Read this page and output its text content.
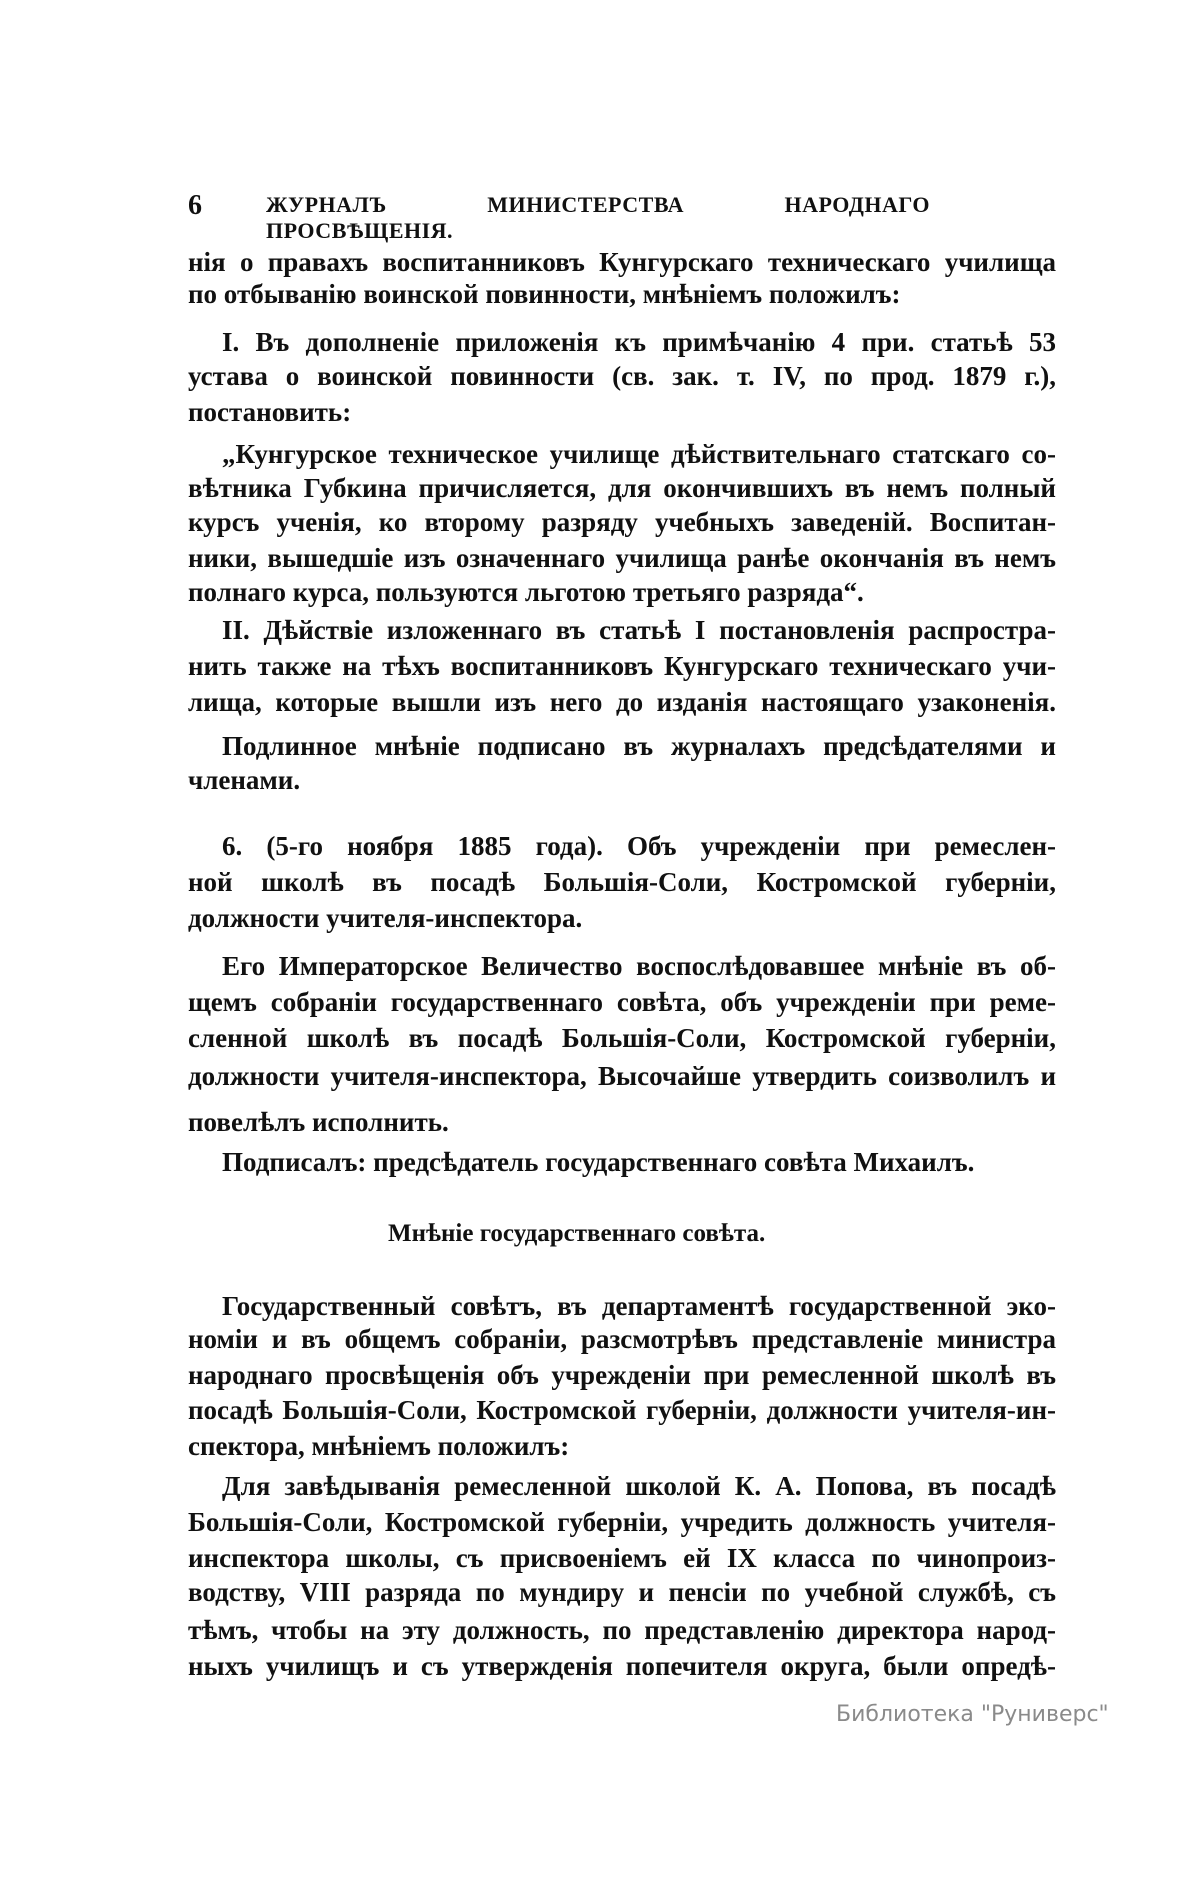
6	ЖУРНАЛЪ МИНИСТЕРСТВА НАРОДНАГО ПРОСВѢЩЕНІЯ.
нія о правахъ воспитанниковъ Кунгурскаго техническаго училища
по отбыванію воинской повинности, мнѣніемъ положилъ:
I. Въ дополненіе приложенія къ примѣчанію 4 при. статьѣ 53
устава о воинской повинности (св. зак. т. IV, по прод. 1879 г.),
постановить:
„Кунгурское техническое училище дѣйствительнаго статскаго со-
вѣтника Губкина причисляется, для окончившихъ въ немъ полный
курсъ ученія, ко второму разряду учебныхъ заведеній. Воспитан-
ники, вышедшіе изъ означеннаго училища ранѣе окончанія въ немъ
полнаго курса, пользуются льготою третьяго разряда“.
II. Дѣйствіе изложеннаго въ статьѣ I постановленія распростра-
нить также на тѣхъ воспитанниковъ Кунгурскаго техническаго учи-
лища, которые вышли изъ него до изданія настоящаго узаконенія.
Подлинное мнѣніе подписано въ журналахъ предсѣдателями и
членами.
6. (5-го ноября 1885 года). Объ учрежденіи при ремеслен-
ной школѣ въ посадѣ Большія-Соли, Костромской губерніи,
должности учителя-инспектора.
Его Императорское Величество воспослѣдовавшее мнѣніе въ об-
щемъ собраніи государственнаго совѣта, объ учрежденіи при реме-
сленной школѣ въ посадѣ Большія-Соли, Костромской губерніи,
должности учителя-инспектора, Высочайше утвердить соизволилъ и
повелѣлъ исполнить.
Подписалъ: предсѣдатель государственнаго совѣта Михаилъ.
Государственный совѣтъ, въ департаментѣ государственной эко-
номіи и въ общемъ собраніи, разсмотрѣвъ представленіе министра
народнаго просвѣщенія объ учрежденіи при ремесленной школѣ въ
посадѣ Большія-Соли, Костромской губерніи, должности учителя-ин-
спектора, мнѣніемъ положилъ:
Для завѣдыванія ремесленной школой К. А. Попова, въ посадѣ
Большія-Соли, Костромской губерніи, учредить должность учителя-
инспектора школы, съ присвоеніемъ ей IX класса по чинопроиз-
водству, VIII разряда по мундиру и пенсіи по учебной службѣ, съ
тѣмъ, чтобы на эту должность, по представленію директора народ-
ныхъ училищъ и съ утвержденія попечителя округа, были опредѣ-
Мнѣніе государственнаго совѣта.
Библиотека "Руниверс"
